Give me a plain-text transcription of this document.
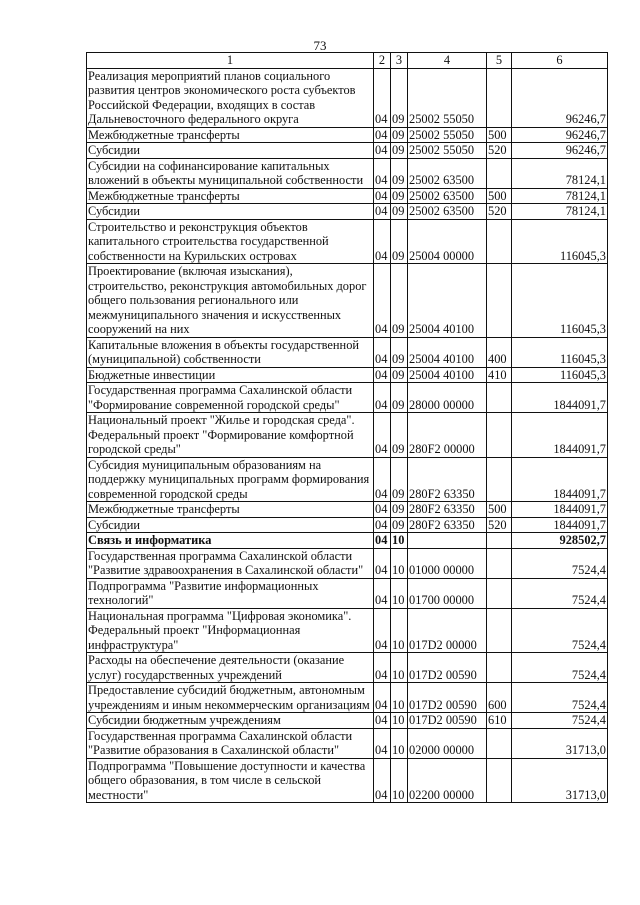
73
1	2	3	4	5	6
Реализация мероприятий планов социального развития центров экономического роста субъектов Российской Федерации, входящих в состав Дальневосточного федерального округа	04	09	25002 55050		96246,7
Межбюджетные трансферты	04	09	25002 55050	500	96246,7
Субсидии	04	09	25002 55050	520	96246,7
Субсидии на софинансирование капитальных вложений в объекты муниципальной собственности	04	09	25002 63500		78124,1
Межбюджетные трансферты	04	09	25002 63500	500	78124,1
Субсидии	04	09	25002 63500	520	78124,1
Строительство и реконструкция объектов капитального строительства государственной собственности на Курильских островах	04	09	25004 00000		116045,3
Проектирование (включая изыскания), строительство, реконструкция автомобильных дорог общего пользования регионального или межмуниципального значения и искусственных сооружений на них	04	09	25004 40100		116045,3
Капитальные вложения в объекты государственной (муниципальной) собственности	04	09	25004 40100	400	116045,3
Бюджетные инвестиции	04	09	25004 40100	410	116045,3
Государственная программа Сахалинской области "Формирование современной городской среды"	04	09	28000 00000		1844091,7
Национальный проект "Жилье и городская среда". Федеральный проект "Формирование комфортной городской среды"	04	09	280F2 00000		1844091,7
Субсидия муниципальным образованиям на поддержку муниципальных программ формирования современной городской среды	04	09	280F2 63350		1844091,7
Межбюджетные трансферты	04	09	280F2 63350	500	1844091,7
Субсидии	04	09	280F2 63350	520	1844091,7
Связь и информатика	04	10			928502,7
Государственная программа Сахалинской области "Развитие здравоохранения в Сахалинской области"	04	10	01000 00000		7524,4
Подпрограмма "Развитие информационных технологий"	04	10	01700 00000		7524,4
Национальная программа "Цифровая экономика". Федеральный проект "Информационная инфраструктура"	04	10	017D2 00000		7524,4
Расходы на обеспечение деятельности (оказание услуг) государственных учреждений	04	10	017D2 00590		7524,4
Предоставление субсидий бюджетным, автономным учреждениям и иным некоммерческим организациям	04	10	017D2 00590	600	7524,4
Субсидии бюджетным учреждениям	04	10	017D2 00590	610	7524,4
Государственная программа Сахалинской области "Развитие образования в Сахалинской области"	04	10	02000 00000		31713,0
Подпрограмма "Повышение доступности и качества общего образования, в том числе в сельской местности"	04	10	02200 00000		31713,0
